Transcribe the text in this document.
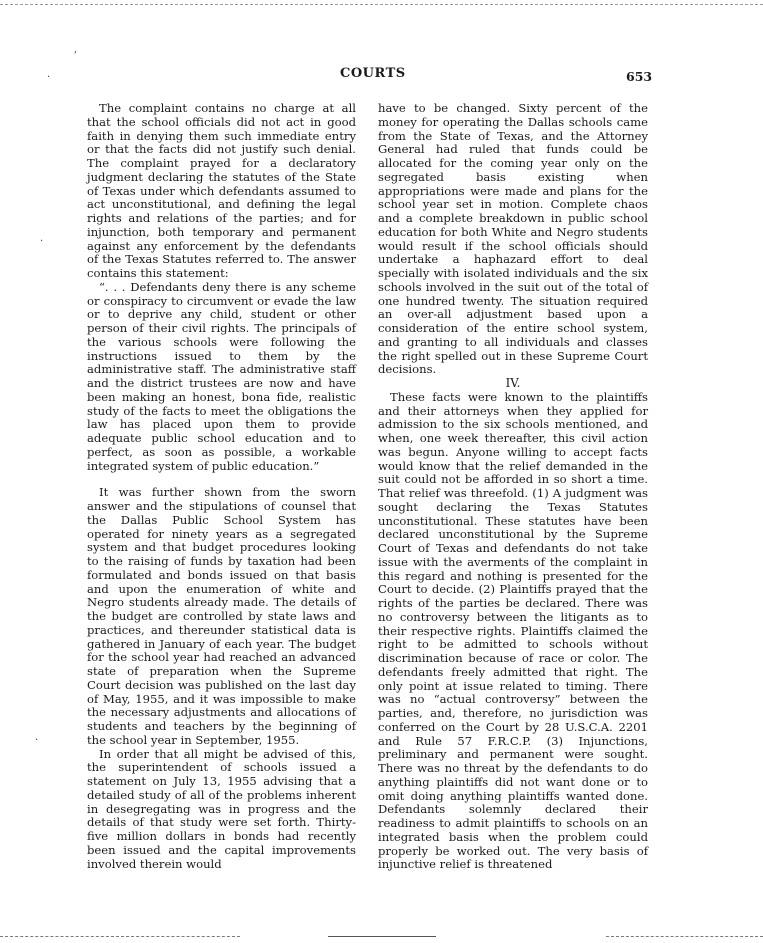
,
·
·
·
COURTS	653

The complaint contains no charge at all that the school officials did not act in good faith in denying them such immediate entry or that the facts did not justify such denial. The complaint prayed for a declaratory judgment declaring the statutes of the State of Texas under which defendants assumed to act unconstitutional, and defining the legal rights and relations of the parties; and for injunction, both temporary and permanent against any enforcement by the defendants of the Texas Statutes referred to. The answer contains this statement:

“. . . Defendants deny there is any scheme or conspiracy to circumvent or evade the law or to deprive any child, student or other person of their civil rights. The principals of the various schools were following the instructions issued to them by the administrative staff. The administrative staff and the district trustees are now and have been making an honest, bona fide, realistic study of the facts to meet the obligations the law has placed upon them to provide adequate public school education and to perfect, as soon as possible, a workable integrated system of public education.”

It was further shown from the sworn answer and the stipulations of counsel that the Dallas Public School System has operated for ninety years as a segregated system and that budget procedures looking to the raising of funds by taxation had been formulated and bonds issued on that basis and upon the enumeration of white and Negro students already made. The details of the budget are controlled by state laws and practices, and thereunder statistical data is gathered in January of each year. The budget for the school year had reached an advanced state of preparation when the Supreme Court decision was published on the last day of May, 1955, and it was impossible to make the necessary adjustments and allocations of students and teachers by the beginning of the school year in September, 1955.

In order that all might be advised of this, the superintendent of schools issued a statement on July 13, 1955 advising that a detailed study of all of the problems inherent in desegregating was in progress and the details of that study were set forth. Thirty-five million dollars in bonds had recently been issued and the capital improvements involved therein would

have to be changed. Sixty percent of the money for operating the Dallas schools came from the State of Texas, and the Attorney General had ruled that funds could be allocated for the coming year only on the segregated basis existing when appropriations were made and plans for the school year set in motion. Complete chaos and a complete breakdown in public school education for both White and Negro students would result if the school officials should undertake a haphazard effort to deal specially with isolated individuals and the six schools involved in the suit out of the total of one hundred twenty. The situation required an over-all adjustment based upon a consideration of the entire school system, and granting to all individuals and classes the right spelled out in these Supreme Court decisions.

IV.

These facts were known to the plaintiffs and their attorneys when they applied for admission to the six schools mentioned, and when, one week thereafter, this civil action was begun. Anyone willing to accept facts would know that the relief demanded in the suit could not be afforded in so short a time. That relief was threefold. (1) A judgment was sought declaring the Texas Statutes unconstitutional. These statutes have been declared unconstitutional by the Supreme Court of Texas and defendants do not take issue with the averments of the complaint in this regard and nothing is presented for the Court to decide. (2) Plaintiffs prayed that the rights of the parties be declared. There was no controversy between the litigants as to their respective rights. Plaintiffs claimed the right to be admitted to schools without discrimination because of race or color. The defendants freely admitted that right. The only point at issue related to timing. There was no “actual controversy” between the parties, and, therefore, no jurisdiction was conferred on the Court by 28 U.S.C.A. 2201 and Rule 57 F.R.C.P. (3) Injunctions, preliminary and permanent were sought. There was no threat by the defendants to do anything plaintiffs did not want done or to omit doing anything plaintiffs wanted done. Defendants solemnly declared their readiness to admit plaintiffs to schools on an integrated basis when the problem could properly be worked out. The very basis of injunctive relief is threatened
